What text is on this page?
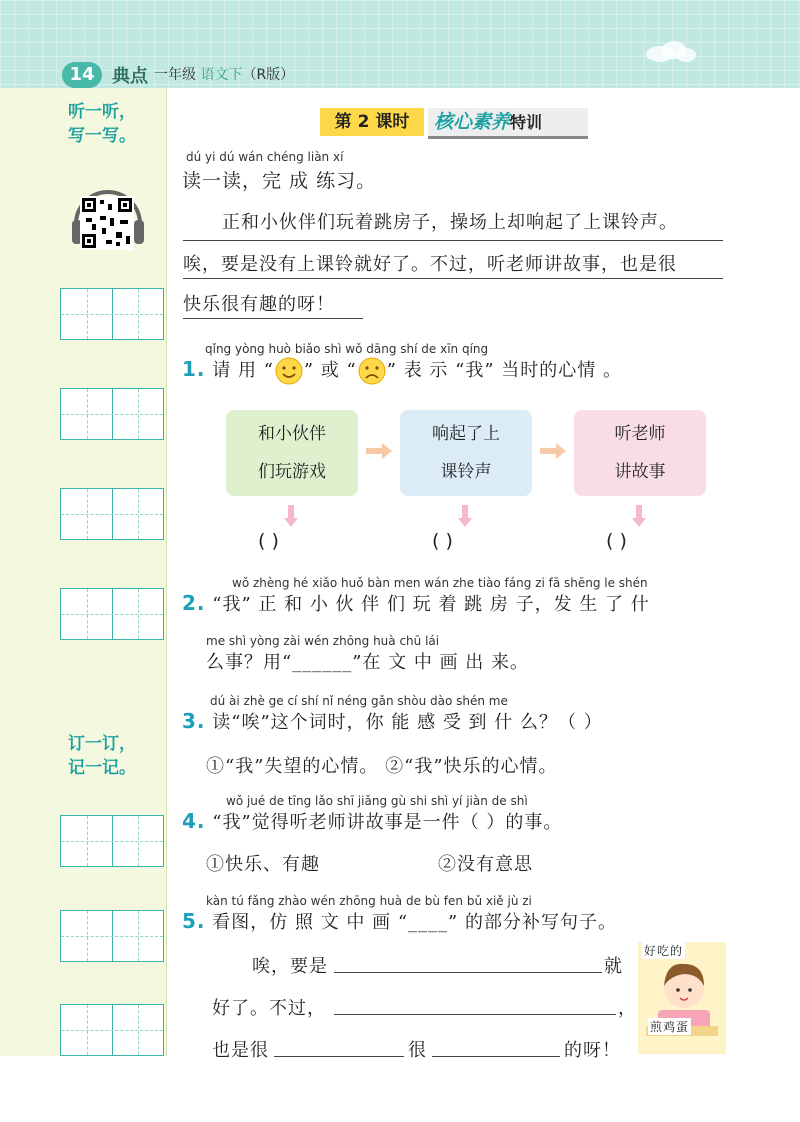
14 典点 一年级 语文下（R版）
听一听，
写一写。
订一订，
记一记。
第 2 课时	核心素养特训
dú yi dú wán chéng liàn xí
读一读，完 成 练习。
正和小伙伴们玩着跳房子，操场上却响起了上课铃声。
唉，要是没有上课铃就好了。不过，听老师讲故事，也是很
快乐很有趣的呀！
qǐng yòng huò biǎo shì wǒ dāng shí de xīn qíng
1. 请 用 “ ” 或 “ ” 表 示 “我” 当时的心情 。
和小伙伴
们玩游戏
响起了上
课铃声
听老师
讲故事
( )	( )	( )
wǒ zhèng hé xiǎo huǒ bàn men wán zhe tiào fáng zi fā shēng le shén
2. “我” 正 和 小 伙 伴 们 玩 着 跳 房 子，发 生 了 什
me shì yòng zài wén zhōng huà chū lái
么事？用“______”在 文 中 画 出 来。
dú ài zhè ge cí shí nǐ néng gǎn shòu dào shén me
3. 读“唉”这个词时，你 能 感 受 到 什 么？（ ）
①“我”失望的心情。 ②“我”快乐的心情。
wǒ jué de tīng lǎo shī jiǎng gù shi shì yí jiàn de shì
4. “我”觉得听老师讲故事是一件（ ）的事。
①快乐、有趣	②没有意思
kàn tú fǎng zhào wén zhōng huà de bù fen bǔ xiě jù zi
5. 看图，仿 照 文 中 画 “____” 的部分补写句子。
唉，要是	就
好了。不过，	，
也是很	很	的呀！
好吃的
煎鸡蛋
